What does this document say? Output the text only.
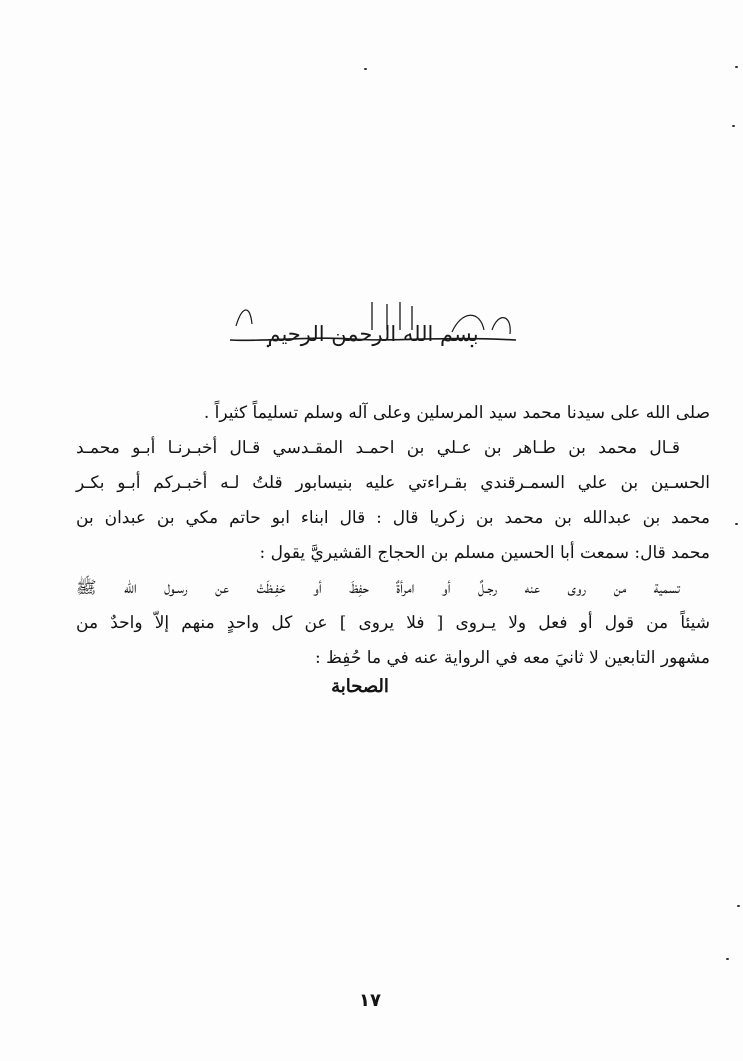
بسم الله الرحمن الرحيم
صلى الله على سيدنا محمد سيد المرسلين وعلى آله وسلم تسليماً كثيراً .
قـال محمد بن طـاهر بن عـلي بن احمـد المقـدسي قـال أخبـرنـا أبـو محمـد
الحسـين بن علي السمـرقندي بقـراءتي عليه بنيسابور قلتُ لـه أخبـركم أبـو بكـر
محمد بن عبدالله بن محمد بن زكريا قال : قال ابناء ابو حاتم مكي بن عبدان بن
محمد قال: سمعت أبا الحسين مسلم بن الحجاج القشيريَّ يقول :
تسمية من روى عنه رجـلٌ أو امرأةٌ حفِظَ أو حَفِـظَتْ عن رسـول الله ﷺ
شيئاً من قول أو فعل ولا يـروى [ فلا يروى ] عن كل واحدٍ منهم إلاّ واحدٌ من
مشهور التابعين لا ثانيَ معه في الرواية عنه في ما حُفِظ :
الصحابة
١٧
